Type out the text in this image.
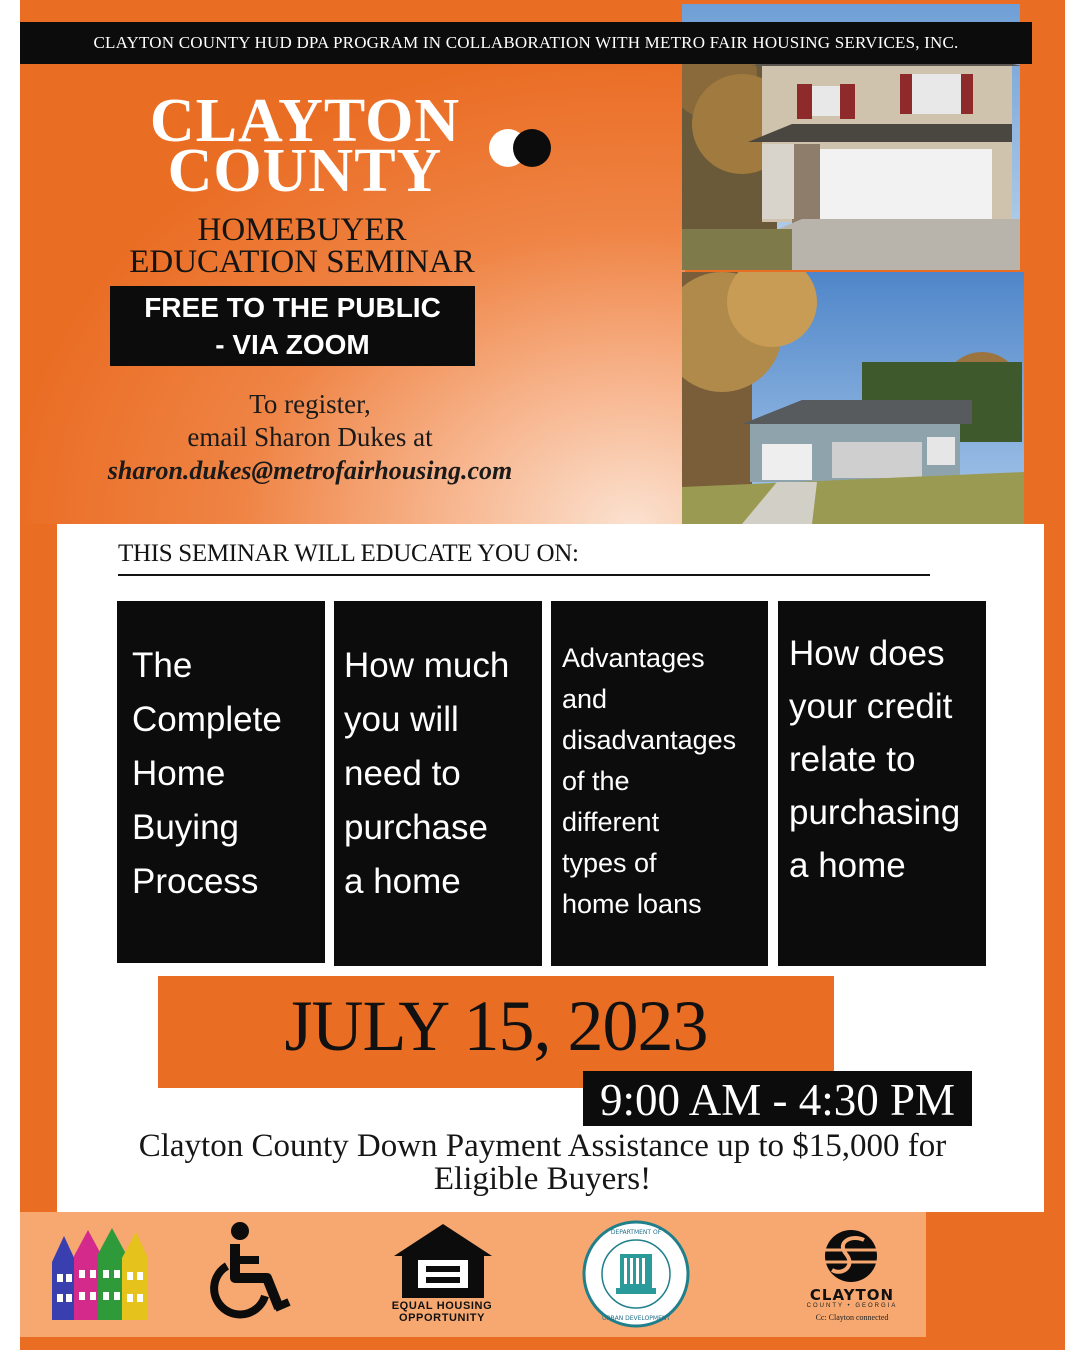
CLAYTON COUNTY HUD DPA PROGRAM IN COLLABORATION WITH METRO FAIR HOUSING SERVICES, INC.
CLAYTON
COUNTY
HOMEBUYER
EDUCATION SEMINAR
FREE TO THE PUBLIC
- VIA ZOOM
To register,
email Sharon Dukes at
sharon.dukes@metrofairhousing.com
THIS SEMINAR WILL EDUCATE YOU ON:
The
Complete
Home
Buying
Process
How much
you will
need to
purchase
a home
Advantages
and
disadvantages
of the
different
types of
home loans
How does
your credit
relate to
purchasing
a home
JULY 15, 2023
9:00 AM - 4:30 PM
Clayton County Down Payment Assistance up to $15,000 for
Eligible Buyers!
EQUAL HOUSING
OPPORTUNITY
DEPARTMENT OF
URBAN DEVELOPMENT
CLAYTON
COUNTY • GEORGIA
Cc: Clayton connected
